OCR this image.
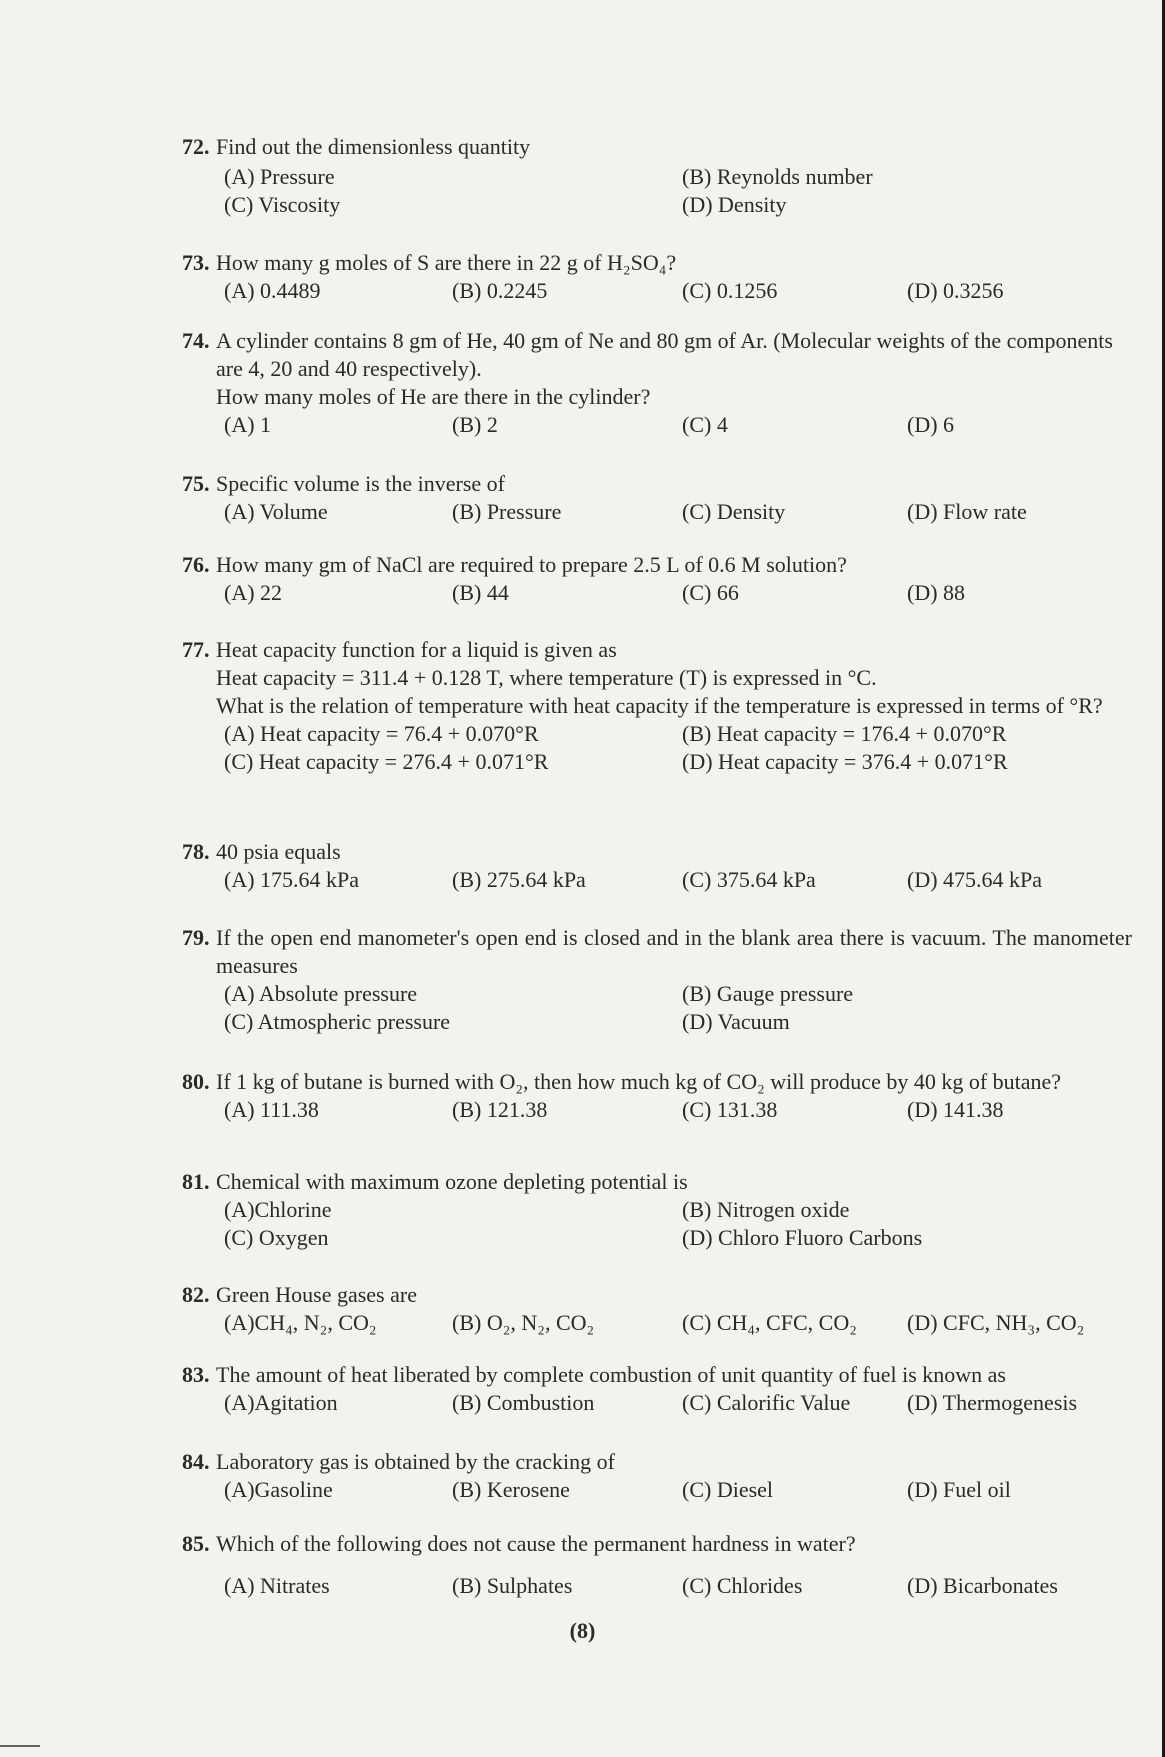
72. Find out the dimensionless quantity
(A) Pressure	(B) Reynolds number
(C) Viscosity	(D) Density
73. How many g moles of S are there in 22 g of H₂SO₄?
(A) 0.4489	(B) 0.2245	(C) 0.1256	(D) 0.3256
74. A cylinder contains 8 gm of He, 40 gm of Ne and 80 gm of Ar. (Molecular weights of the components are 4, 20 and 40 respectively).
How many moles of He are there in the cylinder?
(A) 1	(B) 2	(C) 4	(D) 6
75. Specific volume is the inverse of
(A) Volume	(B) Pressure	(C) Density	(D) Flow rate
76. How many gm of NaCl are required to prepare 2.5 L of 0.6 M solution?
(A) 22	(B) 44	(C) 66	(D) 88
77. Heat capacity function for a liquid is given as
Heat capacity = 311.4 + 0.128 T, where temperature (T) is expressed in °C.
What is the relation of temperature with heat capacity if the temperature is expressed in terms of °R?
(A) Heat capacity = 76.4 + 0.070°R	(B) Heat capacity = 176.4 + 0.070°R
(C) Heat capacity = 276.4 + 0.071°R	(D) Heat capacity = 376.4 + 0.071°R
78. 40 psia equals
(A) 175.64 kPa	(B) 275.64 kPa	(C) 375.64 kPa	(D) 475.64 kPa
79. If the open end manometer's open end is closed and in the blank area there is vacuum. The manometer measures
(A) Absolute pressure	(B) Gauge pressure
(C) Atmospheric pressure	(D) Vacuum
80. If 1 kg of butane is burned with O₂, then how much kg of CO₂ will produce by 40 kg of butane?
(A) 111.38	(B) 121.38	(C) 131.38	(D) 141.38
81. Chemical with maximum ozone depleting potential is
(A)Chlorine	(B) Nitrogen oxide
(C) Oxygen	(D) Chloro Fluoro Carbons
82. Green House gases are
(A)CH₄, N₂, CO₂	(B) O₂, N₂, CO₂	(C) CH₄, CFC, CO₂	(D) CFC, NH₃, CO₂
83. The amount of heat liberated by complete combustion of unit quantity of fuel is known as
(A)Agitation	(B) Combustion	(C) Calorific Value	(D) Thermogenesis
84. Laboratory gas is obtained by the cracking of
(A)Gasoline	(B) Kerosene	(C) Diesel	(D) Fuel oil
85. Which of the following does not cause the permanent hardness in water?
(A) Nitrates	(B) Sulphates	(C) Chlorides	(D) Bicarbonates
(8)
